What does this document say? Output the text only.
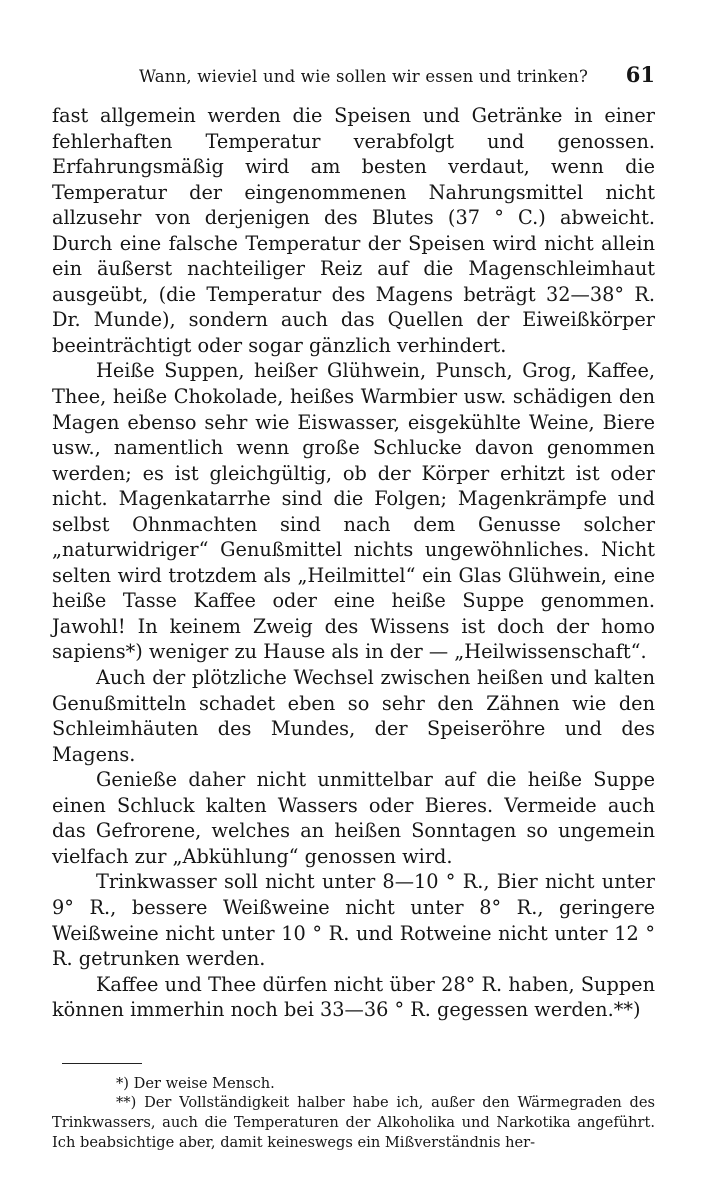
Wann, wieviel und wie sollen wir essen und trinken?	61

fast allgemein werden die Speisen und Getränke in einer fehlerhaften Temperatur verabfolgt und genossen. Erfahrungsmäßig wird am besten verdaut, wenn die Temperatur der eingenommenen Nahrungsmittel nicht allzusehr von derjenigen des Blutes (37 ° C.) abweicht. Durch eine falsche Temperatur der Speisen wird nicht allein ein äußerst nachteiliger Reiz auf die Magenschleimhaut ausgeübt, (die Temperatur des Magens beträgt 32—38° R. Dr. Munde), sondern auch das Quellen der Eiweißkörper beeinträchtigt oder sogar gänzlich verhindert.

Heiße Suppen, heißer Glühwein, Punsch, Grog, Kaffee, Thee, heiße Chokolade, heißes Warmbier usw. schädigen den Magen ebenso sehr wie Eiswasser, eisgekühlte Weine, Biere usw., namentlich wenn große Schlucke davon genommen werden; es ist gleichgültig, ob der Körper erhitzt ist oder nicht. Magenkatarrhe sind die Folgen; Magenkrämpfe und selbst Ohnmachten sind nach dem Genusse solcher „naturwidriger“ Genußmittel nichts ungewöhnliches. Nicht selten wird trotzdem als „Heilmittel“ ein Glas Glühwein, eine heiße Tasse Kaffee oder eine heiße Suppe genommen. Jawohl! In keinem Zweig des Wissens ist doch der homo sapiens*) weniger zu Hause als in der — „Heilwissenschaft“.

Auch der plötzliche Wechsel zwischen heißen und kalten Genußmitteln schadet eben so sehr den Zähnen wie den Schleimhäuten des Mundes, der Speiseröhre und des Magens.

Genieße daher nicht unmittelbar auf die heiße Suppe einen Schluck kalten Wassers oder Bieres. Vermeide auch das Gefrorene, welches an heißen Sonntagen so ungemein vielfach zur „Abkühlung“ genossen wird.

Trinkwasser soll nicht unter 8—10 ° R., Bier nicht unter 9° R., bessere Weißweine nicht unter 8° R., geringere Weißweine nicht unter 10 ° R. und Rotweine nicht unter 12 ° R. getrunken werden.

Kaffee und Thee dürfen nicht über 28° R. haben, Suppen können immerhin noch bei 33—36 ° R. gegessen werden.**)

*) Der weise Mensch.

**) Der Vollständigkeit halber habe ich, außer den Wärmegraden des Trinkwassers, auch die Temperaturen der Alkoholika und Narkotika angeführt. Ich beabsichtige aber, damit keineswegs ein Mißverständnis her-
